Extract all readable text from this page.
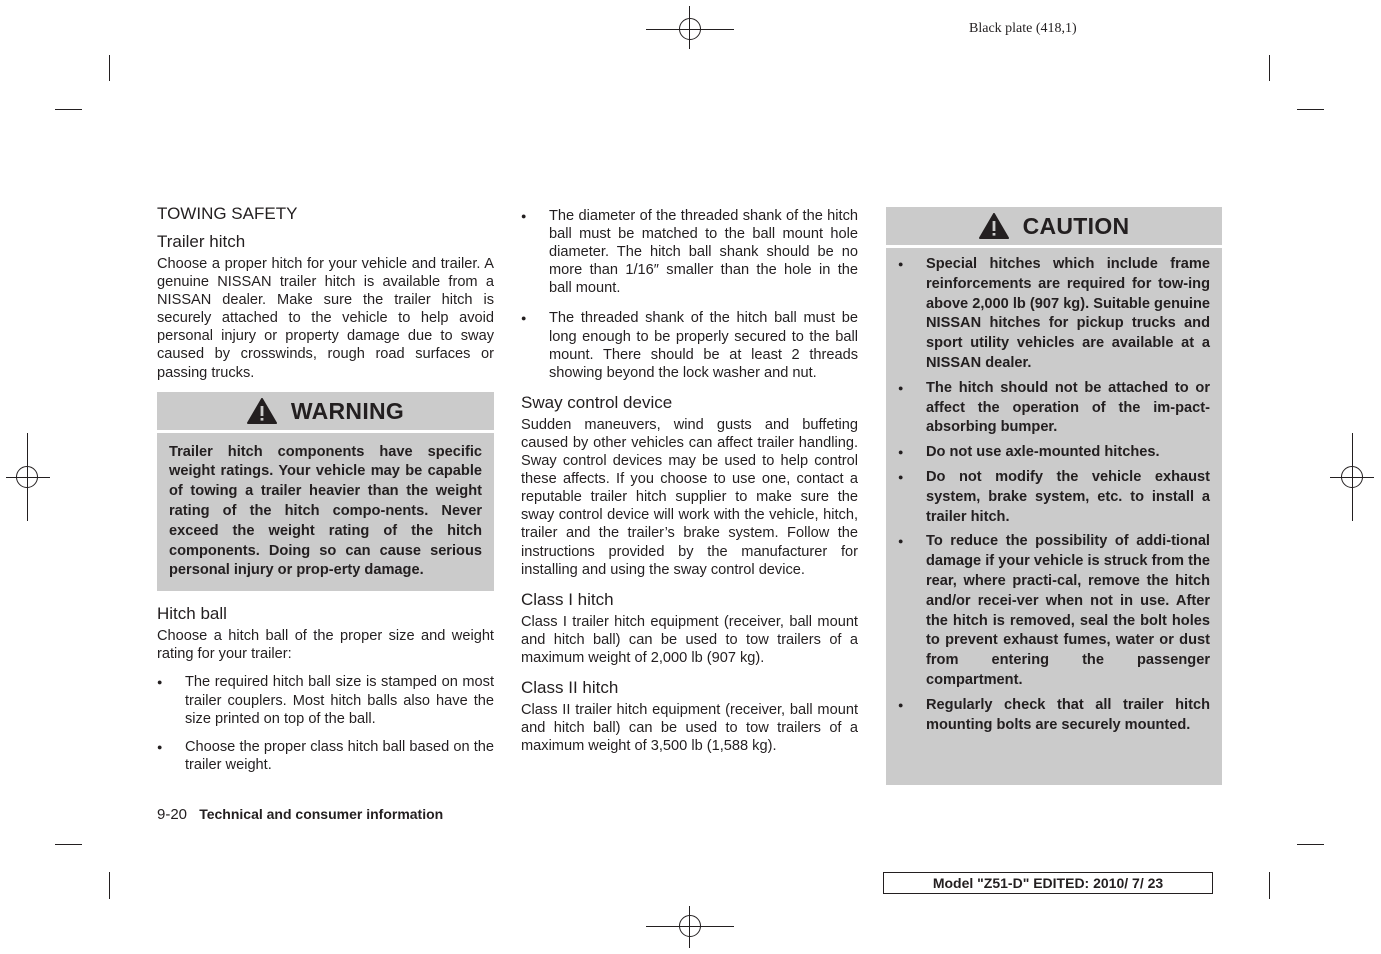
Black plate (418,1)
TOWING SAFETY
Trailer hitch

Choose a proper hitch for your vehicle and trailer. A genuine NISSAN trailer hitch is available from a NISSAN dealer. Make sure the trailer hitch is securely attached to the vehicle to help avoid personal injury or property damage due to sway caused by crosswinds, rough road surfaces or passing trucks.

WARNING

Trailer hitch components have specific weight ratings. Your vehicle may be capable of towing a trailer heavier than the weight rating of the hitch compo-nents. Never exceed the weight rating of the hitch components. Doing so can cause serious personal injury or prop-erty damage.

Hitch ball

Choose a hitch ball of the proper size and weight rating for your trailer:

● The required hitch ball size is stamped on most trailer couplers. Most hitch balls also have the size printed on top of the ball.
● Choose the proper class hitch ball based on the trailer weight.
● The diameter of the threaded shank of the hitch ball must be matched to the ball mount hole diameter. The hitch ball shank should be no more than 1/16″ smaller than the hole in the ball mount.
● The threaded shank of the hitch ball must be long enough to be properly secured to the ball mount. There should be at least 2 threads showing beyond the lock washer and nut.
Sway control device

Sudden maneuvers, wind gusts and buffeting caused by other vehicles can affect trailer handling. Sway control devices may be used to help control these affects. If you choose to use one, contact a reputable trailer hitch supplier to make sure the sway control device will work with the vehicle, hitch, trailer and the trailer’s brake system. Follow the instructions provided by the manufacturer for installing and using the sway control device.

Class I hitch

Class I trailer hitch equipment (receiver, ball mount and hitch ball) can be used to tow trailers of a maximum weight of 2,000 lb (907 kg).

Class II hitch

Class II trailer hitch equipment (receiver, ball mount and hitch ball) can be used to tow trailers of a maximum weight of 3,500 lb (1,588 kg).

CAUTION
● Special hitches which include frame reinforcements are required for tow-ing above 2,000 lb (907 kg). Suitable genuine NISSAN hitches for pickup trucks and sport utility vehicles are available at a NISSAN dealer.
● The hitch should not be attached to or affect the operation of the im-pact-absorbing bumper.
● Do not use axle-mounted hitches.
● Do not modify the vehicle exhaust system, brake system, etc. to install a trailer hitch.
● To reduce the possibility of addi-tional damage if your vehicle is struck from the rear, where practi-cal, remove the hitch and/or recei-ver when not in use. After the hitch is removed, seal the bolt holes to prevent exhaust fumes, water or dust from entering the passenger compartment.
● Regularly check that all trailer hitch mounting bolts are securely mounted.
9-20 Technical and consumer information
Model "Z51-D" EDITED: 2010/ 7/ 23
